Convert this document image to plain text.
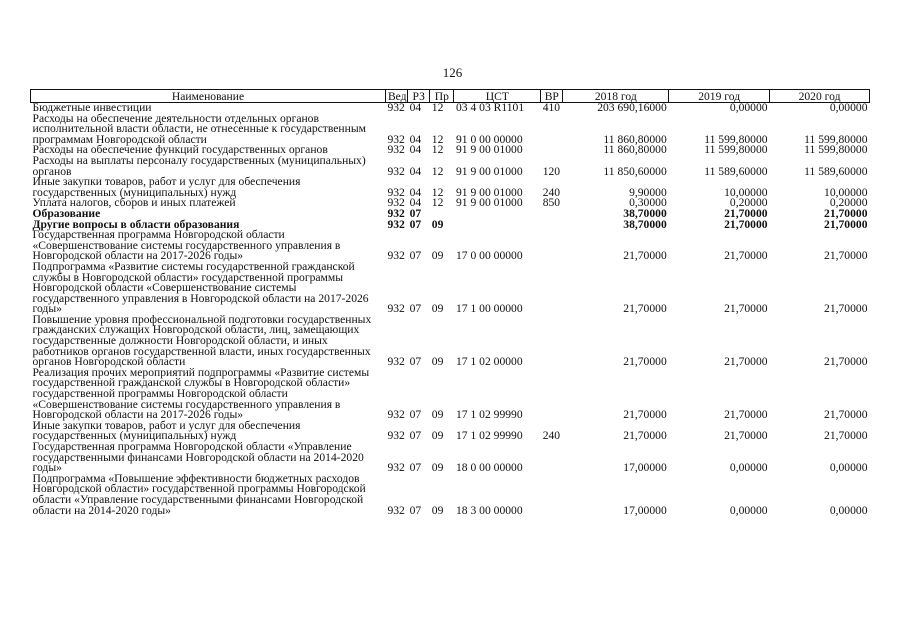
126
Наименование	Вед	РЗ	Пр	ЦСТ	ВР	2018 год	2019 год	2020 год
Бюджетные инвестиции	932	04	12	03 4 03 R1101	410	203 690,16000	0,00000	0,00000
Расходы на обеспечение деятельности отдельных органов исполнительной власти области, не отнесенные к государственным программам Новгородской области	932	04	12	91 0 00 00000		11 860,80000	11 599,80000	11 599,80000
Расходы на обеспечение функций государственных органов	932	04	12	91 9 00 01000		11 860,80000	11 599,80000	11 599,80000
Расходы на выплаты персоналу государственных (муниципальных) органов	932	04	12	91 9 00 01000	120	11 850,60000	11 589,60000	11 589,60000
Иные закупки товаров, работ и услуг для обеспечения государственных (муниципальных) нужд	932	04	12	91 9 00 01000	240	9,90000	10,00000	10,00000
Уплата налогов, сборов и иных платежей	932	04	12	91 9 00 01000	850	0,30000	0,20000	0,20000
Образование	932	07				38,70000	21,70000	21,70000
Другие вопросы в области образования	932	07	09			38,70000	21,70000	21,70000
Государственная программа Новгородской области «Совершенствование системы государственного управления в Новгородской области на 2017-2026 годы»	932	07	09	17 0 00 00000		21,70000	21,70000	21,70000
Подпрограмма «Развитие системы государственной гражданской службы в Новгородской области» государственной программы Новгородской области «Совершенствование системы государственного управления в Новгородской области на 2017-2026 годы»	932	07	09	17 1 00 00000		21,70000	21,70000	21,70000
Повышение уровня профессиональной подготовки государственных гражданских служащих Новгородской области, лиц, замещающих государственные должности Новгородской области, и иных работников органов государственной власти, иных государственных органов Новгородской области	932	07	09	17 1 02 00000		21,70000	21,70000	21,70000
Реализация прочих мероприятий подпрограммы «Развитие системы государственной гражданской службы в Новгородской области» государственной программы Новгородской области «Совершенствование системы государственного управления в Новгородской области на 2017-2026 годы»	932	07	09	17 1 02 99990		21,70000	21,70000	21,70000
Иные закупки товаров, работ и услуг для обеспечения государственных (муниципальных) нужд	932	07	09	17 1 02 99990	240	21,70000	21,70000	21,70000
Государственная программа Новгородской области «Управление государственными финансами Новгородской области на 2014-2020 годы»	932	07	09	18 0 00 00000		17,00000	0,00000	0,00000
Подпрограмма «Повышение эффективности бюджетных расходов Новгородской области» государственной программы Новгородской области «Управление государственными финансами Новгородской области на 2014-2020 годы»	932	07	09	18 3 00 00000		17,00000	0,00000	0,00000
